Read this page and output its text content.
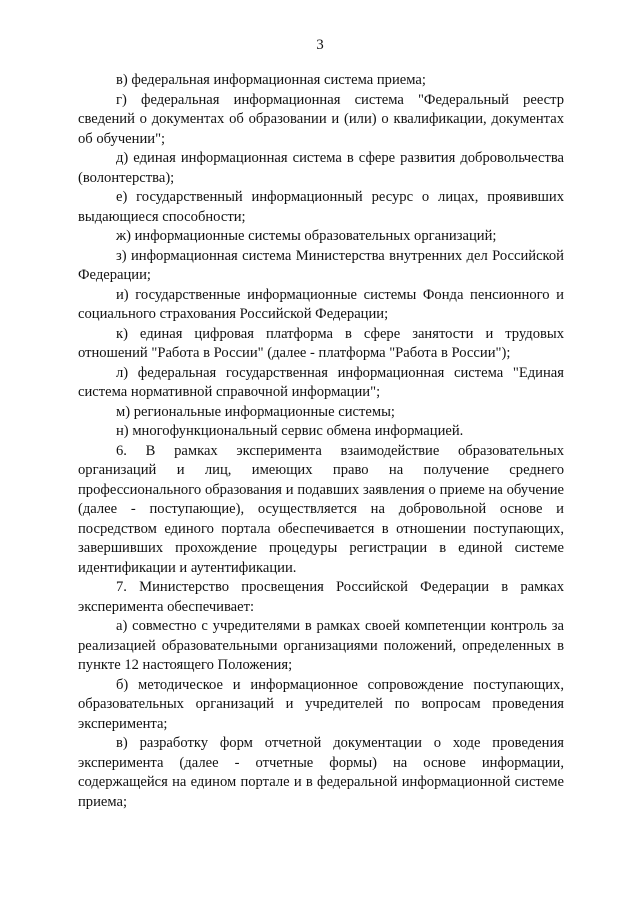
3

в) федеральная информационная система приема;

г) федеральная информационная система "Федеральный реестр сведений о документах об образовании и (или) о квалификации, документах об обучении";

д) единая информационная система в сфере развития добровольчества (волонтерства);

е) государственный информационный ресурс о лицах, проявивших выдающиеся способности;

ж) информационные системы образовательных организаций;

з) информационная система Министерства внутренних дел Российской Федерации;

и) государственные информационные системы Фонда пенсионного и социального страхования Российской Федерации;

к) единая цифровая платформа в сфере занятости и трудовых отношений "Работа в России" (далее - платформа "Работа в России");

л) федеральная государственная информационная система "Единая система нормативной справочной информации";

м) региональные информационные системы;

н) многофункциональный сервис обмена информацией.

6. В рамках эксперимента взаимодействие образовательных организаций и лиц, имеющих право на получение среднего профессионального образования и подавших заявления о приеме на обучение (далее - поступающие), осуществляется на добровольной основе и посредством единого портала обеспечивается в отношении поступающих, завершивших прохождение процедуры регистрации в единой системе идентификации и аутентификации.

7. Министерство просвещения Российской Федерации в рамках эксперимента обеспечивает:

а) совместно с учредителями в рамках своей компетенции контроль за реализацией образовательными организациями положений, определенных в пункте 12 настоящего Положения;

б) методическое и информационное сопровождение поступающих, образовательных организаций и учредителей по вопросам проведения эксперимента;

в) разработку форм отчетной документации о ходе проведения эксперимента (далее - отчетные формы) на основе информации, содержащейся на едином портале и в федеральной информационной системе приема;
